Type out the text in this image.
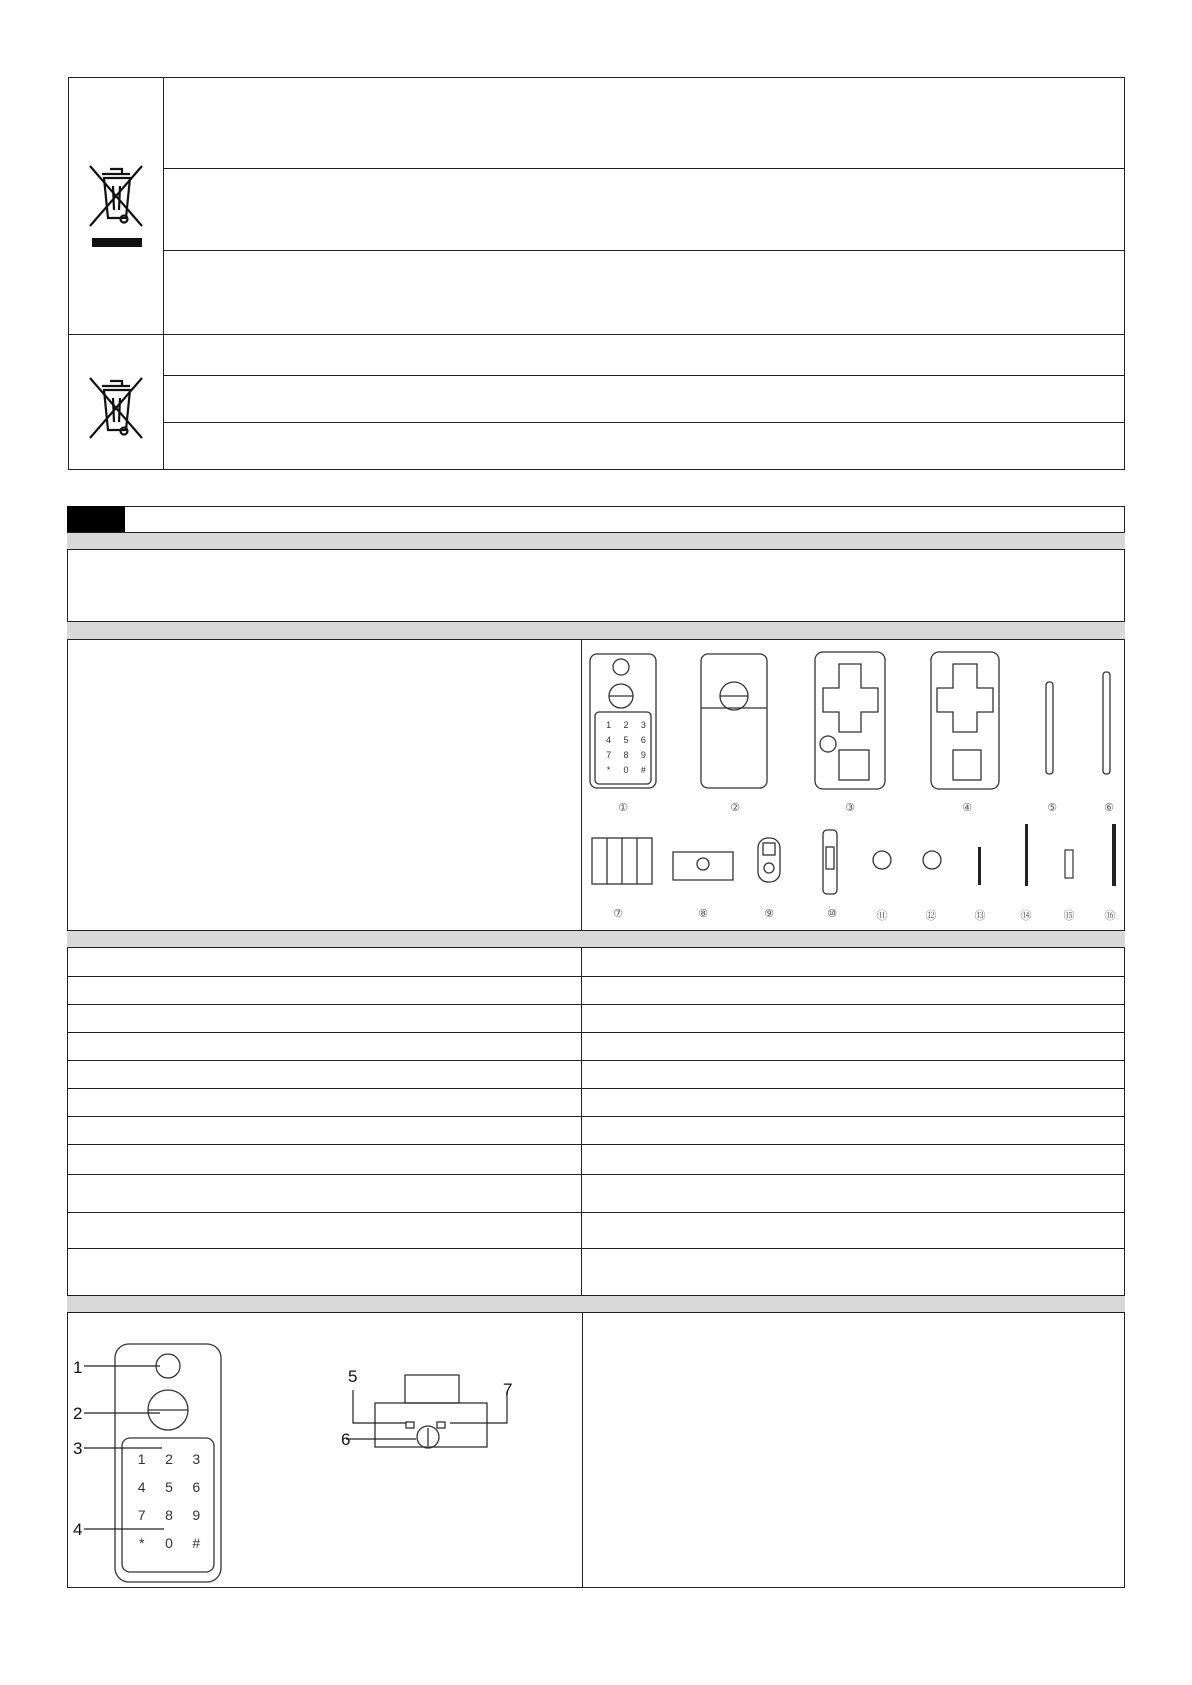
①	②	③	④	⑤	⑥
⑦	⑧	⑨	⑩	⑪	⑫	⑬	⑭	⑮	⑯
1	2	3
4	5	6
7	8	9
*	0	#
1
2
3
4
5
6
7
1	2	3
4	5	6
7	8	9
*	0	#
